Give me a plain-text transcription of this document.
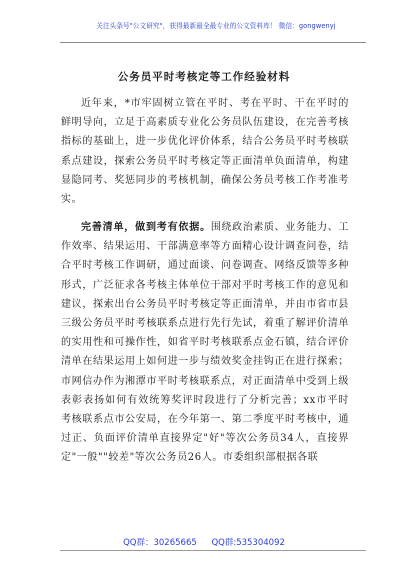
关注头条号"公文研究"，获得最新最全最专业的公文资料库！ 微信：gongwenyj
公务员平时考核定等工作经验材料

近年来，*市牢固树立管在平时、考在平时、干在平时的鲜明导向，立足于高素质专业化公务员队伍建设，在完善考核指标的基础上，进一步优化评价体系，结合公务员平时考核联系点建设，探索公务员平时考核定等正面清单负面清单，构建显隐同考、奖惩同步的考核机制，确保公务员考核工作考准考实。

完善清单，做到考有依据。围绕政治素质、业务能力、工作效率、结果运用、干部满意率等方面精心设计调查问卷，结合平时考核工作调研，通过面谈、问卷调查、网络反馈等多种形式，广泛征求各考核主体单位干部对平时考核工作的意见和建议，探索出台公务员平时考核定等正面清单，并由市省市县三级公务员平时考核联系点进行先行先试，着重了解评价清单的实用性和可操作性，如省平时考核联系点金石镇，结合评价清单在结果运用上如何进一步与绩效奖金挂钩正在进行探索；市网信办作为湘潭市平时考核联系点，对正面清单中受到上级表彰表扬如何有效统筹奖评时段进行了分析完善；xx市平时考核联系点市公安局，在今年第一、第二季度平时考核中，通过正、负面评价清单直接界定"好"等次公务员34人，直接界定"一般""较差"等次公务员26人。市委组织部根据各联

QQ群：30265665 QQ群:535304092
